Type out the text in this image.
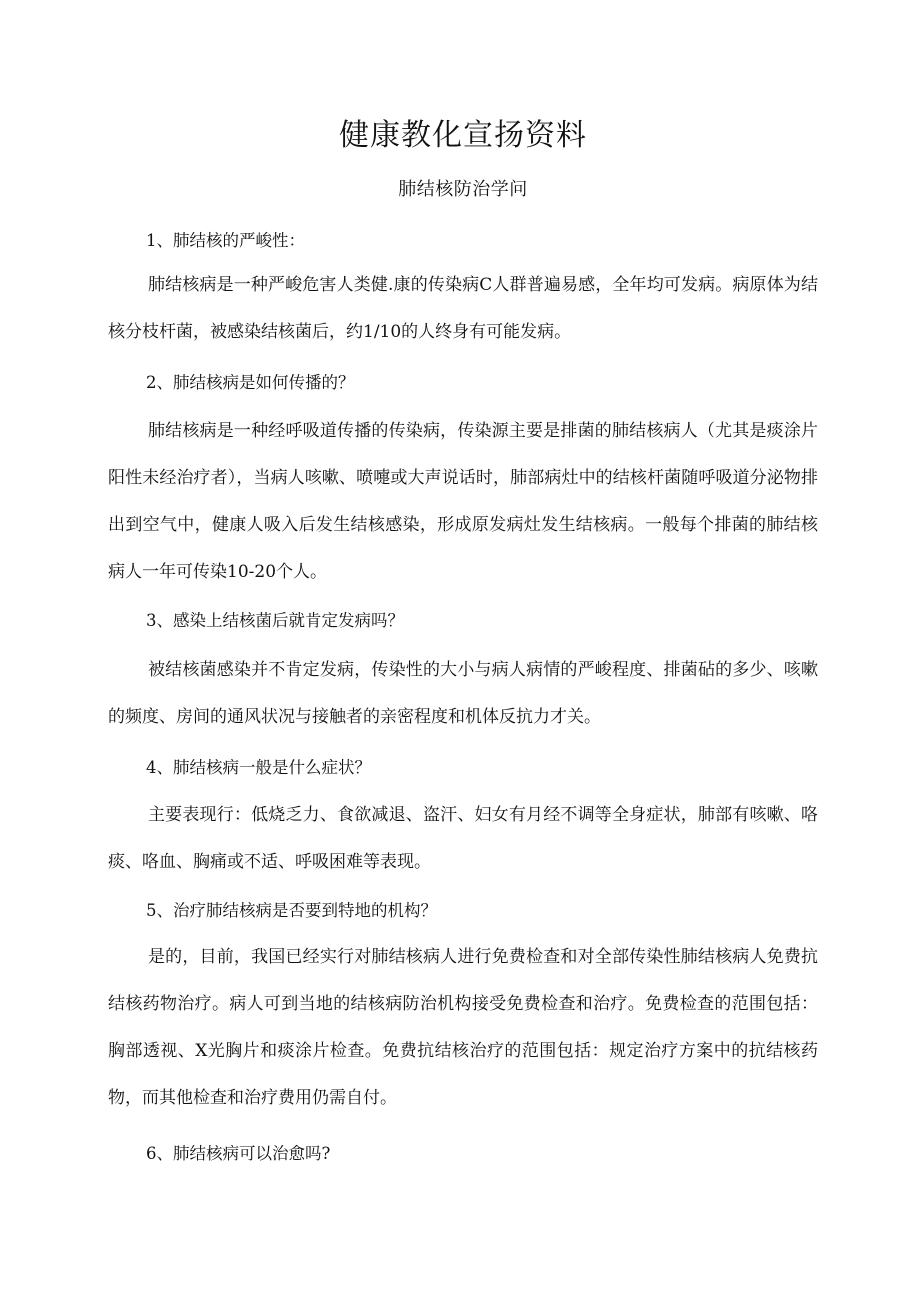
健康教化宣扬资料
肺结核防治学问
1、肺结核的严峻性：
肺结核病是一种严峻危害人类健.康的传染病C人群普遍易感，全年均可发病。病原体为结核分枝杆菌，被感染结核菌后，约1/10的人终身有可能发病。
2、肺结核病是如何传播的？
肺结核病是一种经呼吸道传播的传染病，传染源主要是排菌的肺结核病人（尤其是痰涂片阳性未经治疗者），当病人咳嗽、喷嚏或大声说话时，肺部病灶中的结核杆菌随呼吸道分泌物排出到空气中，健康人吸入后发生结核感染，形成原发病灶发生结核病。一般每个排菌的肺结核病人一年可传染10-20个人。
3、感染上结核菌后就肯定发病吗？
被结核菌感染并不肯定发病，传染性的大小与病人病情的严峻程度、排菌砧的多少、咳嗽的频度、房间的通风状况与接触者的亲密程度和机体反抗力才关。
4、肺结核病一般是什么症状？
主要表现行：低烧乏力、食欲减退、盗汗、妇女有月经不调等全身症状，肺部有咳嗽、咯痰、咯血、胸痛或不适、呼吸困难等表现。
5、治疗肺结核病是否要到特地的机构？
是的，目前，我国已经实行对肺结核病人进行免费检查和对全部传染性肺结核病人免费抗结核药物治疗。病人可到当地的结核病防治机构接受免费检查和治疗。免费检查的范围包括：胸部透视、X光胸片和痰涂片检查。免费抗结核治疗的范围包括：规定治疗方案中的抗结核药物，而其他检查和治疗费用仍需自付。
6、肺结核病可以治愈吗?
